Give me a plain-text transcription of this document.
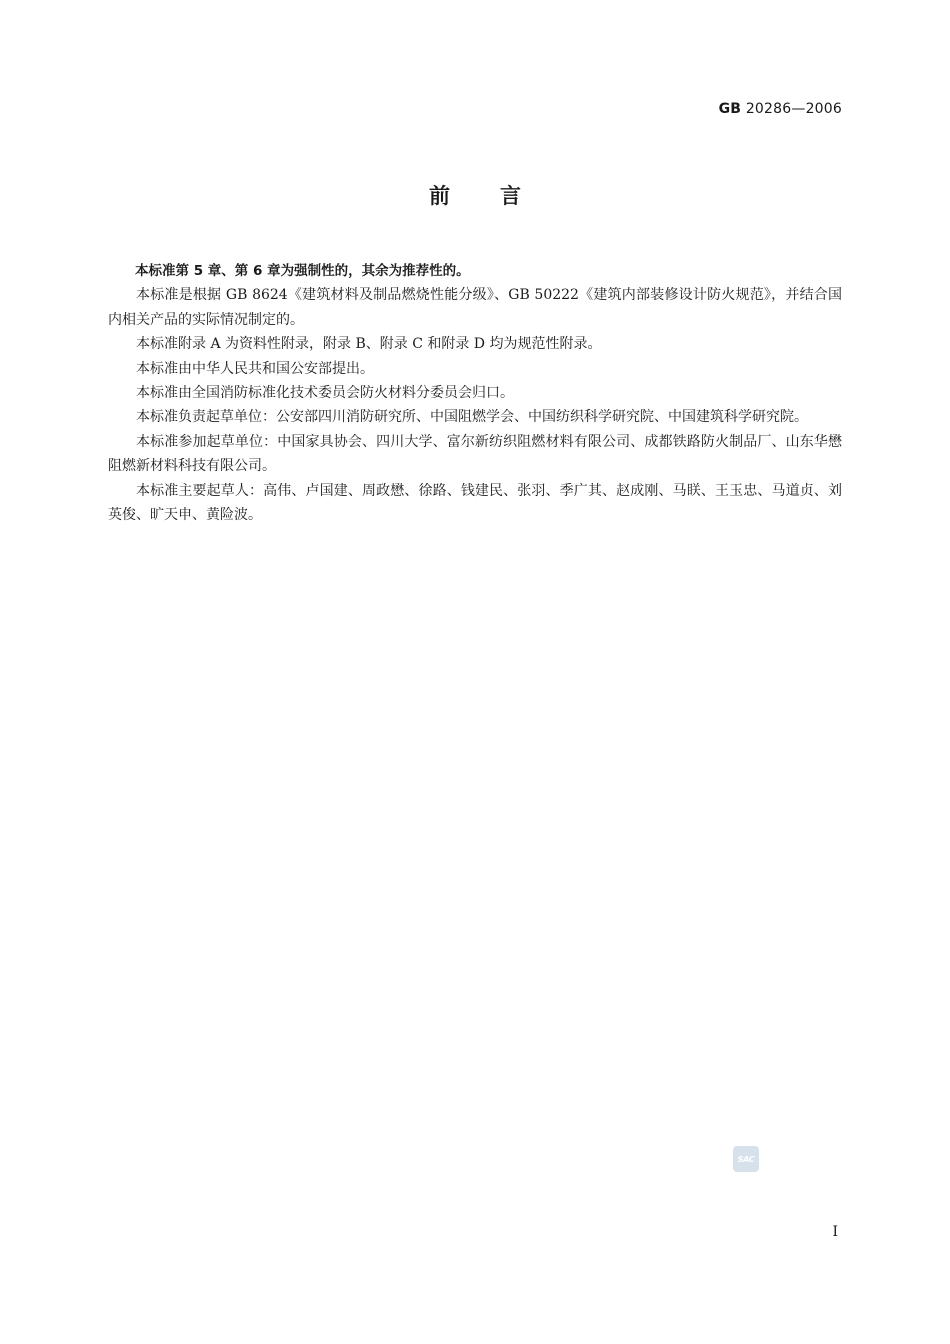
GB 20286—2006
前言

本标准第 5 章、第 6 章为强制性的，其余为推荐性的。

本标准是根据 GB 8624《建筑材料及制品燃烧性能分级》、GB 50222《建筑内部装修设计防火规范》，并结合国内相关产品的实际情况制定的。

本标准附录 A 为资料性附录，附录 B、附录 C 和附录 D 均为规范性附录。

本标准由中华人民共和国公安部提出。

本标准由全国消防标准化技术委员会防火材料分委员会归口。

本标准负责起草单位：公安部四川消防研究所、中国阻燃学会、中国纺织科学研究院、中国建筑科学研究院。

本标准参加起草单位：中国家具协会、四川大学、富尔新纺织阻燃材料有限公司、成都铁路防火制品厂、山东华懋阻燃新材料科技有限公司。

本标准主要起草人：高伟、卢国建、周政懋、徐路、钱建民、张羽、季广其、赵成刚、马眹、王玉忠、马道贞、刘英俊、旷天申、黄险波。

SAC
I
